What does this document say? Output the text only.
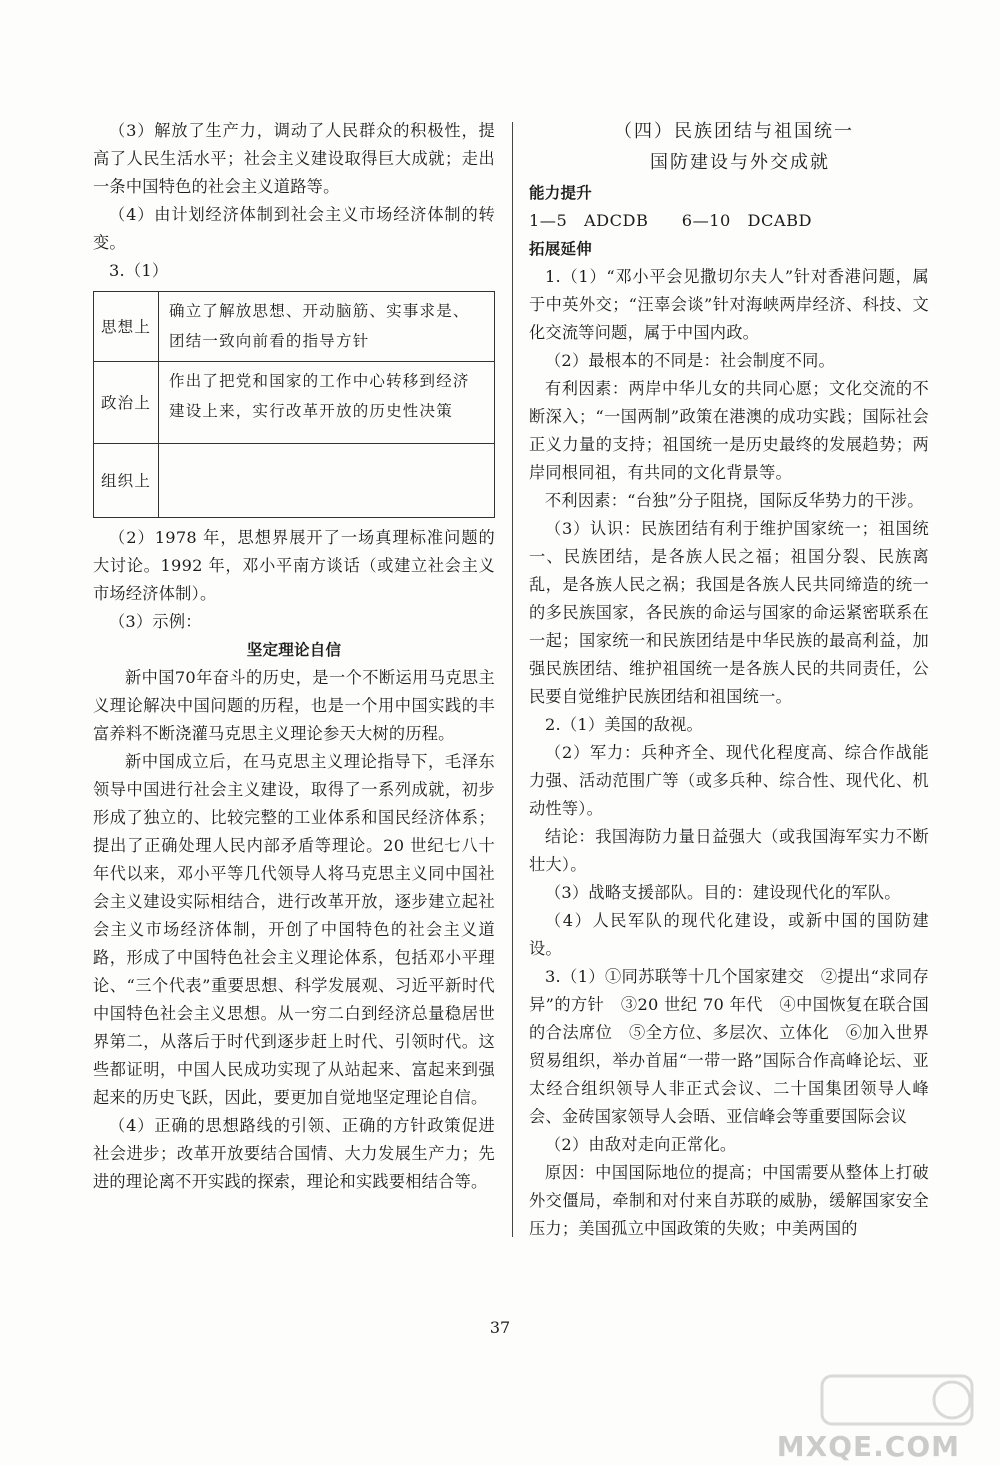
（3）解放了生产力，调动了人民群众的积极性，提高了人民生活水平；社会主义建设取得巨大成就；走出一条中国特色的社会主义道路等。

（4）由计划经济体制到社会主义市场经济体制的转变。

3.（1）

思想上	确立了解放思想、开动脑筋、实事求是、团结一致向前看的指导方针
政治上	作出了把党和国家的工作中心转移到经济建设上来，实行改革开放的历史性决策
组织上	

（2）1978 年，思想界展开了一场真理标准问题的大讨论。1992 年，邓小平南方谈话（或建立社会主义市场经济体制）。

（3）示例：

坚定理论自信

新中国70年奋斗的历史，是一个不断运用马克思主义理论解决中国问题的历程，也是一个用中国实践的丰富养料不断浇灌马克思主义理论参天大树的历程。

新中国成立后，在马克思主义理论指导下，毛泽东领导中国进行社会主义建设，取得了一系列成就，初步形成了独立的、比较完整的工业体系和国民经济体系；提出了正确处理人民内部矛盾等理论。20 世纪七八十年代以来，邓小平等几代领导人将马克思主义同中国社会主义建设实际相结合，进行改革开放，逐步建立起社会主义市场经济体制，开创了中国特色的社会主义道路，形成了中国特色社会主义理论体系，包括邓小平理论、“三个代表”重要思想、科学发展观、习近平新时代中国特色社会主义思想。从一穷二白到经济总量稳居世界第二，从落后于时代到逐步赶上时代、引领时代。这些都证明，中国人民成功实现了从站起来、富起来到强起来的历史飞跃，因此，要更加自觉地坚定理论自信。

（4）正确的思想路线的引领、正确的方针政策促进社会进步；改革开放要结合国情、大力发展生产力；先进的理论离不开实践的探索，理论和实践要相结合等。

（四）民族团结与祖国统一
国防建设与外交成就

能力提升

1—5　ADCDB　　6—10　DCABD

拓展延伸

1.（1）“邓小平会见撒切尔夫人”针对香港问题，属于中英外交；“汪辜会谈”针对海峡两岸经济、科技、文化交流等问题，属于中国内政。

（2）最根本的不同是：社会制度不同。

有利因素：两岸中华儿女的共同心愿；文化交流的不断深入；“一国两制”政策在港澳的成功实践；国际社会正义力量的支持；祖国统一是历史最终的发展趋势；两岸同根同祖，有共同的文化背景等。

不利因素：“台独”分子阻挠，国际反华势力的干涉。

（3）认识：民族团结有利于维护国家统一；祖国统一、民族团结，是各族人民之福；祖国分裂、民族离乱，是各族人民之祸；我国是各族人民共同缔造的统一的多民族国家，各民族的命运与国家的命运紧密联系在一起；国家统一和民族团结是中华民族的最高利益，加强民族团结、维护祖国统一是各族人民的共同责任，公民要自觉维护民族团结和祖国统一。

2.（1）美国的敌视。

（2）军力：兵种齐全、现代化程度高、综合作战能力强、活动范围广等（或多兵种、综合性、现代化、机动性等）。

结论：我国海防力量日益强大（或我国海军实力不断壮大）。

（3）战略支援部队。目的：建设现代化的军队。

（4）人民军队的现代化建设，或新中国的国防建设。

3.（1）①同苏联等十几个国家建交　②提出“求同存异”的方针　③20 世纪 70 年代　④中国恢复在联合国的合法席位　⑤全方位、多层次、立体化　⑥加入世界贸易组织，举办首届“一带一路”国际合作高峰论坛、亚太经合组织领导人非正式会议、二十国集团领导人峰会、金砖国家领导人会晤、亚信峰会等重要国际会议

（2）由敌对走向正常化。

原因：中国国际地位的提高；中国需要从整体上打破外交僵局，牵制和对付来自苏联的威胁，缓解国家安全压力；美国孤立中国政策的失败；中美两国的

37
MXQE.COM
